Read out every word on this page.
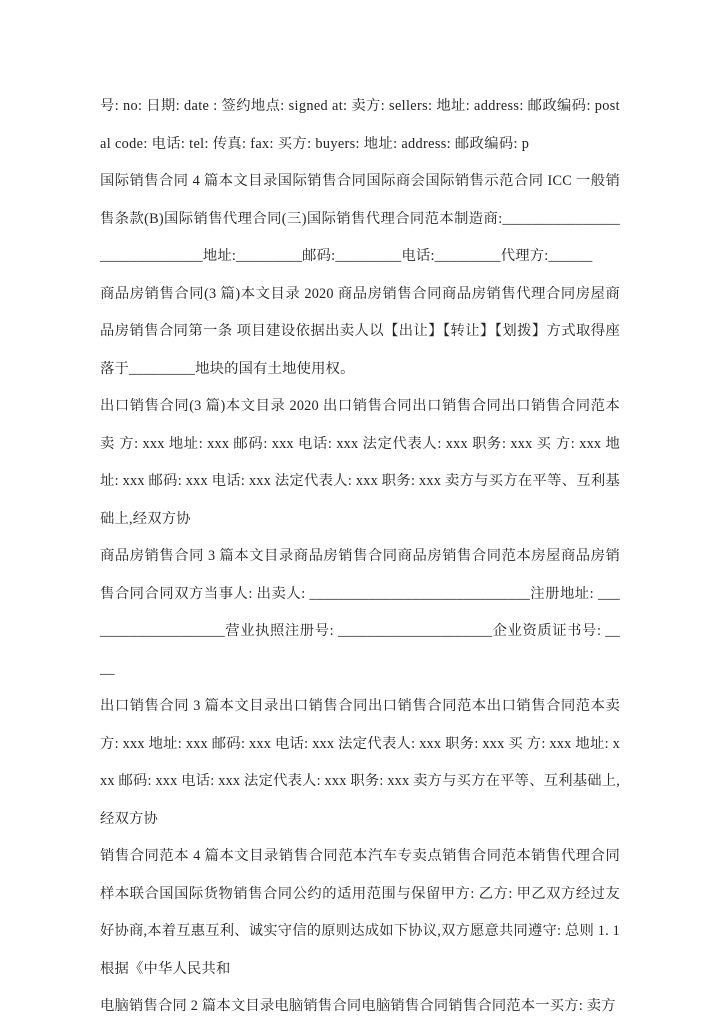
号: no: 日期: date : 签约地点: signed at: 卖方: sellers: 地址: address: 邮政编码: postal code: 电话: tel: 传真: fax: 买方: buyers: 地址: address: 邮政编码: p

国际销售合同 4 篇本文目录国际销售合同国际商会国际销售示范合同 ICC 一般销售条款(B)国际销售代理合同(三)国际销售代理合同范本制造商:______________________________地址:_________邮码:_________电话:_________代理方:______

商品房销售合同(3 篇)本文目录 2020 商品房销售合同商品房销售代理合同房屋商品房销售合同第一条 项目建设依据出卖人以【出让】【转让】【划拨】方式取得座落于_________地块的国有土地使用权。

出口销售合同(3 篇)本文目录 2020 出口销售合同出口销售合同出口销售合同范本卖 方: xxx 地址: xxx 邮码: xxx 电话: xxx 法定代表人: xxx 职务: xxx 买 方: xxx 地址: xxx 邮码: xxx 电话: xxx 法定代表人: xxx 职务: xxx 卖方与买方在平等、互利基础上,经双方协

商品房销售合同 3 篇本文目录商品房销售合同商品房销售合同范本房屋商品房销售合同合同双方当事人: 出卖人: ______________________________注册地址: ____________________营业执照注册号: _____________________企业资质证书号: ____

出口销售合同 3 篇本文目录出口销售合同出口销售合同范本出口销售合同范本卖方: xxx 地址: xxx 邮码: xxx 电话: xxx 法定代表人: xxx 职务: xxx 买 方: xxx 地址: xxx 邮码: xxx 电话: xxx 法定代表人: xxx 职务: xxx 卖方与买方在平等、互利基础上,经双方协

销售合同范本 4 篇本文目录销售合同范本汽车专卖点销售合同范本销售代理合同样本联合国国际货物销售合同公约的适用范围与保留甲方: 乙方: 甲乙双方经过友好协商,本着互惠互利、诚实守信的原则达成如下协议,双方愿意共同遵守: 总则 1. 1 根据《中华人民共和

电脑销售合同 2 篇本文目录电脑销售合同电脑销售合同销售合同范本一买方: 卖方
